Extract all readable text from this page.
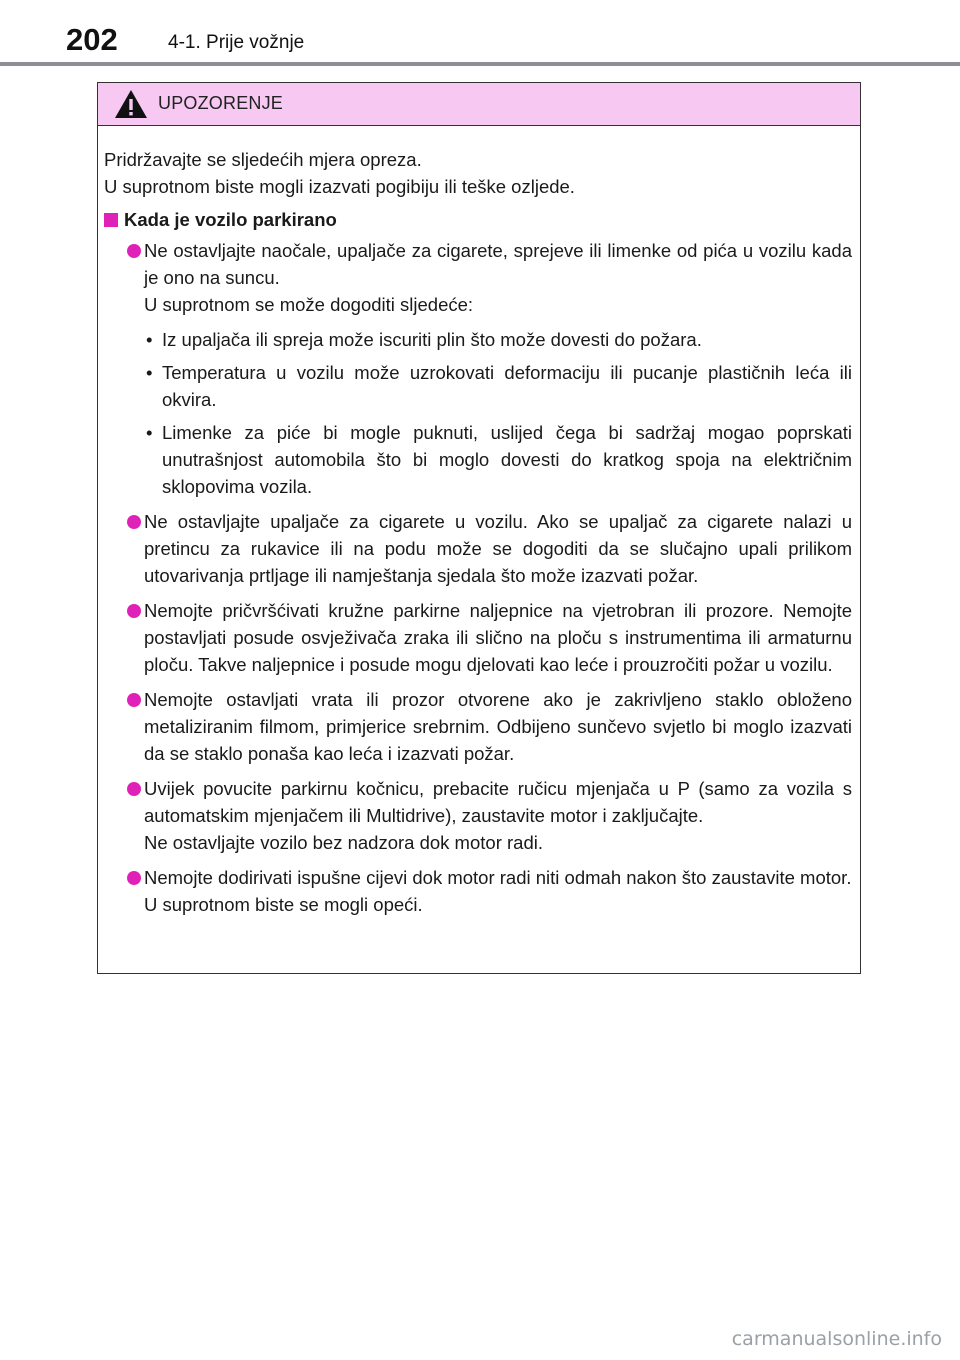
202	4-1. Prije vožnje
UPOZORENJE

Pridržavajte se sljedećih mjera opreza.

U suprotnom biste mogli izazvati pogibiju ili teške ozljede.

Kada je vozilo parkirano

Ne ostavljajte naočale, upaljače za cigarete, sprejeve ili limenke od pića u vozilu kada je ono na suncu.

U suprotnom se može dogoditi sljedeće:

• Iz upaljača ili spreja može iscuriti plin što može dovesti do požara.
• Temperatura u vozilu može uzrokovati deformaciju ili pucanje plastičnih leća ili okvira.
• Limenke za piće bi mogle puknuti, uslijed čega bi sadržaj mogao poprskati unutrašnjost automobila što bi moglo dovesti do kratkog spoja na električnim sklopovima vozila.

Ne ostavljajte upaljače za cigarete u vozilu. Ako se upaljač za cigarete nalazi u pretincu za rukavice ili na podu može se dogoditi da se slučajno upali prilikom utovarivanja prtljage ili namještanja sjedala što može izazvati požar.

Nemojte pričvršćivati kružne parkirne naljepnice na vjetrobran ili prozore. Nemojte postavljati posude osvježivača zraka ili slično na ploču s instrumentima ili armaturnu ploču. Takve naljepnice i posude mogu djelovati kao leće i prouzročiti požar u vozilu.

Nemojte ostavljati vrata ili prozor otvorene ako je zakrivljeno staklo obloženo metaliziranim filmom, primjerice srebrnim. Odbijeno sunčevo svjetlo bi moglo izazvati da se staklo ponaša kao leća i izazvati požar.

Uvijek povucite parkirnu kočnicu, prebacite ručicu mjenjača u P (samo za vozila s automatskim mjenjačem ili Multidrive), zaustavite motor i zaključajte.

Ne ostavljajte vozilo bez nadzora dok motor radi.

Nemojte dodirivati ispušne cijevi dok motor radi niti odmah nakon što zaustavite motor.

U suprotnom biste se mogli opeći.

carmanualsonline.info
